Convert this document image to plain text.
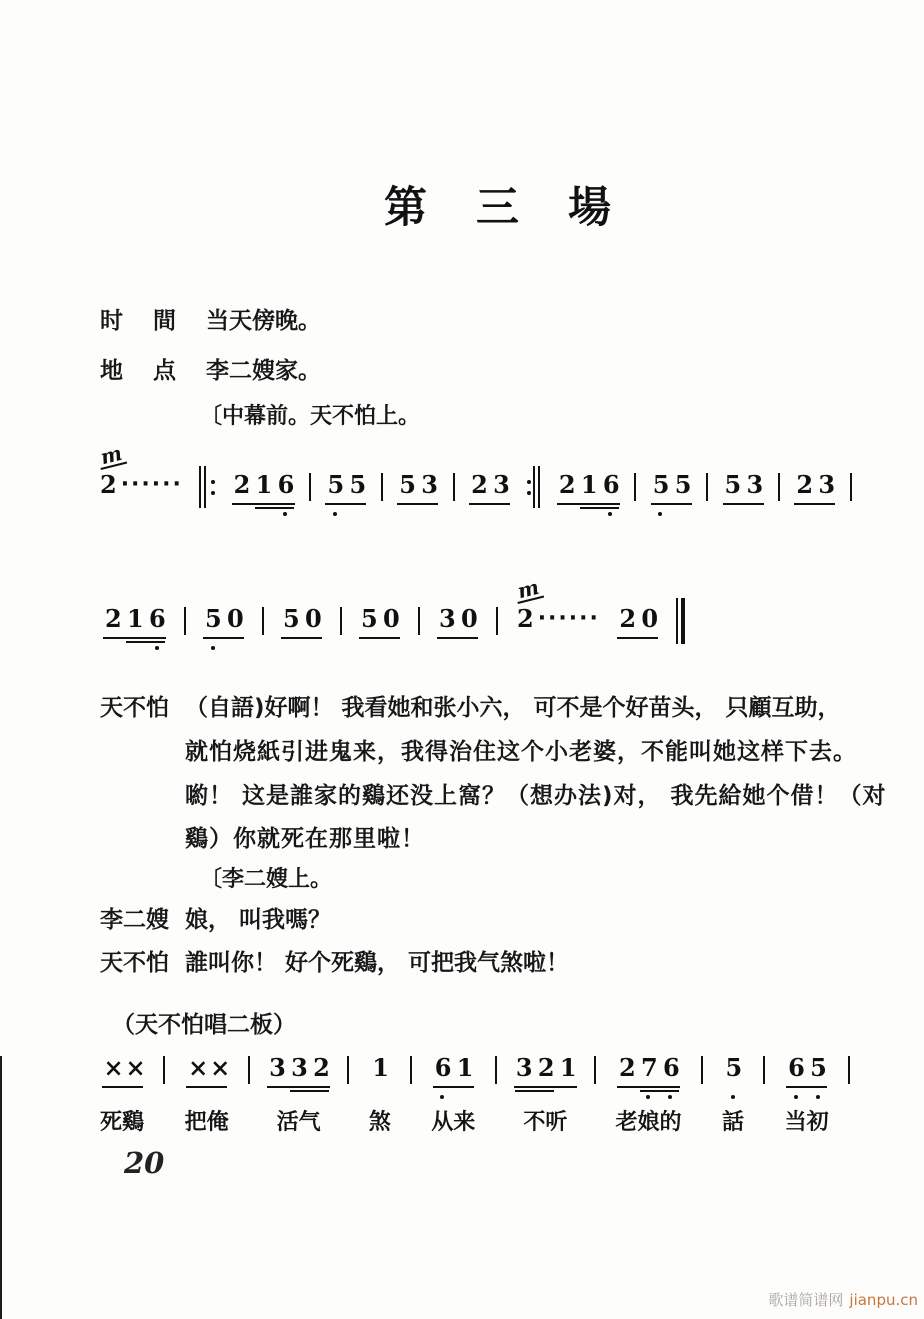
第 三 場
时 間 当天傍晚。
地 点 李二嫂家。
〔中幕前。天不怕上。
m
2 ······ 2 1 6 5 5 5 3 2 3 2 1 6 5 5 5 3 2 3
2 1 6 5 0 5 0 5 0 3 0
m
2 ······ 2 0
天不怕 （自語)好啊！ 我看她和张小六， 可不是个好苗头， 只顧互助，
就怕烧紙引进鬼来，我得治住这个小老婆，不能叫她这样下去。
喲！ 这是誰家的鷄还没上窩？（想办法)对， 我先給她个借！（对
鷄）你就死在那里啦！
〔李二嫂上。
李二嫂 娘， 叫我嗎？
天不怕 誰叫你！ 好个死鷄， 可把我气煞啦！
（天不怕唱二板）
× ×
死鷄
× ×
把俺
3 3 2
活气
1
煞
6 1
从来
3 2 1
不听
2 7 6
老娘的
5
話
6 5
当初
20
歌谱简谱网 jianpu.cn
